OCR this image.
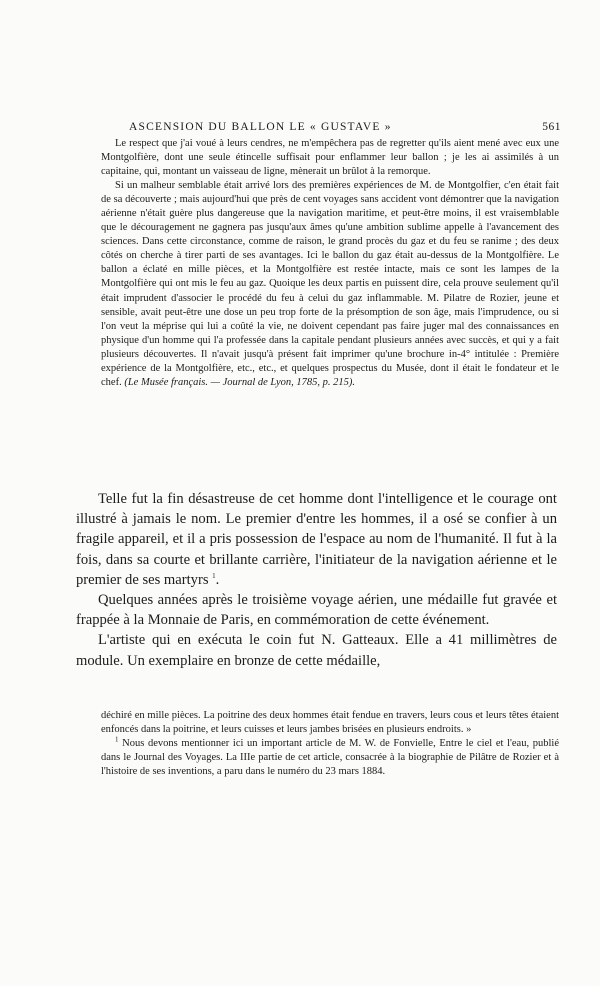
ASCENSION DU BALLON LE « GUSTAVE »	561

Le respect que j'ai voué à leurs cendres, ne m'empêchera pas de regretter qu'ils aient mené avec eux une Montgolfière, dont une seule étincelle suffisait pour enflammer leur ballon ; je les ai assimilés à un capitaine, qui, montant un vaisseau de ligne, mènerait un brûlot à la remorque.

Si un malheur semblable était arrivé lors des premières expériences de M. de Montgolfier, c'en était fait de sa découverte ; mais aujourd'hui que près de cent voyages sans accident vont démontrer que la navigation aérienne n'était guère plus dangereuse que la navigation maritime, et peut-être moins, il est vraisemblable que le découragement ne gagnera pas jusqu'aux âmes qu'une ambition sublime appelle à l'avancement des sciences. Dans cette circonstance, comme de raison, le grand procès du gaz et du feu se ranime ; des deux côtés on cherche à tirer parti de ses avantages. Ici le ballon du gaz était au-dessus de la Montgolfière. Le ballon a éclaté en mille pièces, et la Montgolfière est restée intacte, mais ce sont les lampes de la Montgolfière qui ont mis le feu au gaz. Quoique les deux partis en puissent dire, cela prouve seulement qu'il était imprudent d'associer le procédé du feu à celui du gaz inflammable. M. Pilatre de Rozier, jeune et sensible, avait peut-être une dose un peu trop forte de la présomption de son âge, mais l'imprudence, ou si l'on veut la méprise qui lui a coûté la vie, ne doivent cependant pas faire juger mal des connaissances en physique d'un homme qui l'a professée dans la capitale pendant plusieurs années avec succès, et qui y a fait plusieurs découvertes. Il n'avait jusqu'à présent fait imprimer qu'une brochure in-4° intitulée : Première expérience de la Montgolfière, etc., etc., et quelques prospectus du Musée, dont il était le fondateur et le chef. (Le Musée français. — Journal de Lyon, 1785, p. 215).

Telle fut la fin désastreuse de cet homme dont l'intelligence et le courage ont illustré à jamais le nom. Le premier d'entre les hommes, il a osé se confier à un fragile appareil, et il a pris possession de l'espace au nom de l'humanité. Il fut à la fois, dans sa courte et brillante carrière, l'initiateur de la navigation aérienne et le premier de ses martyrs $^1$.

Quelques années après le troisième voyage aérien, une médaille fut gravée et frappée à la Monnaie de Paris, en commémoration de cette événement.

L'artiste qui en exécuta le coin fut N. Gatteaux. Elle a 41 millimètres de module. Un exemplaire en bronze de cette médaille,

déchiré en mille pièces. La poitrine des deux hommes était fendue en travers, leurs cous et leurs têtes étaient enfoncés dans la poitrine, et leurs cuisses et leurs jambes brisées en plusieurs endroits. »

$^1$ Nous devons mentionner ici un important article de M. W. de Fonvielle, Entre le ciel et l'eau, publié dans le Journal des Voyages. La IIIe partie de cet article, consacrée à la biographie de Pilâtre de Rozier et à l'histoire de ses inventions, a paru dans le numéro du 23 mars 1884.
